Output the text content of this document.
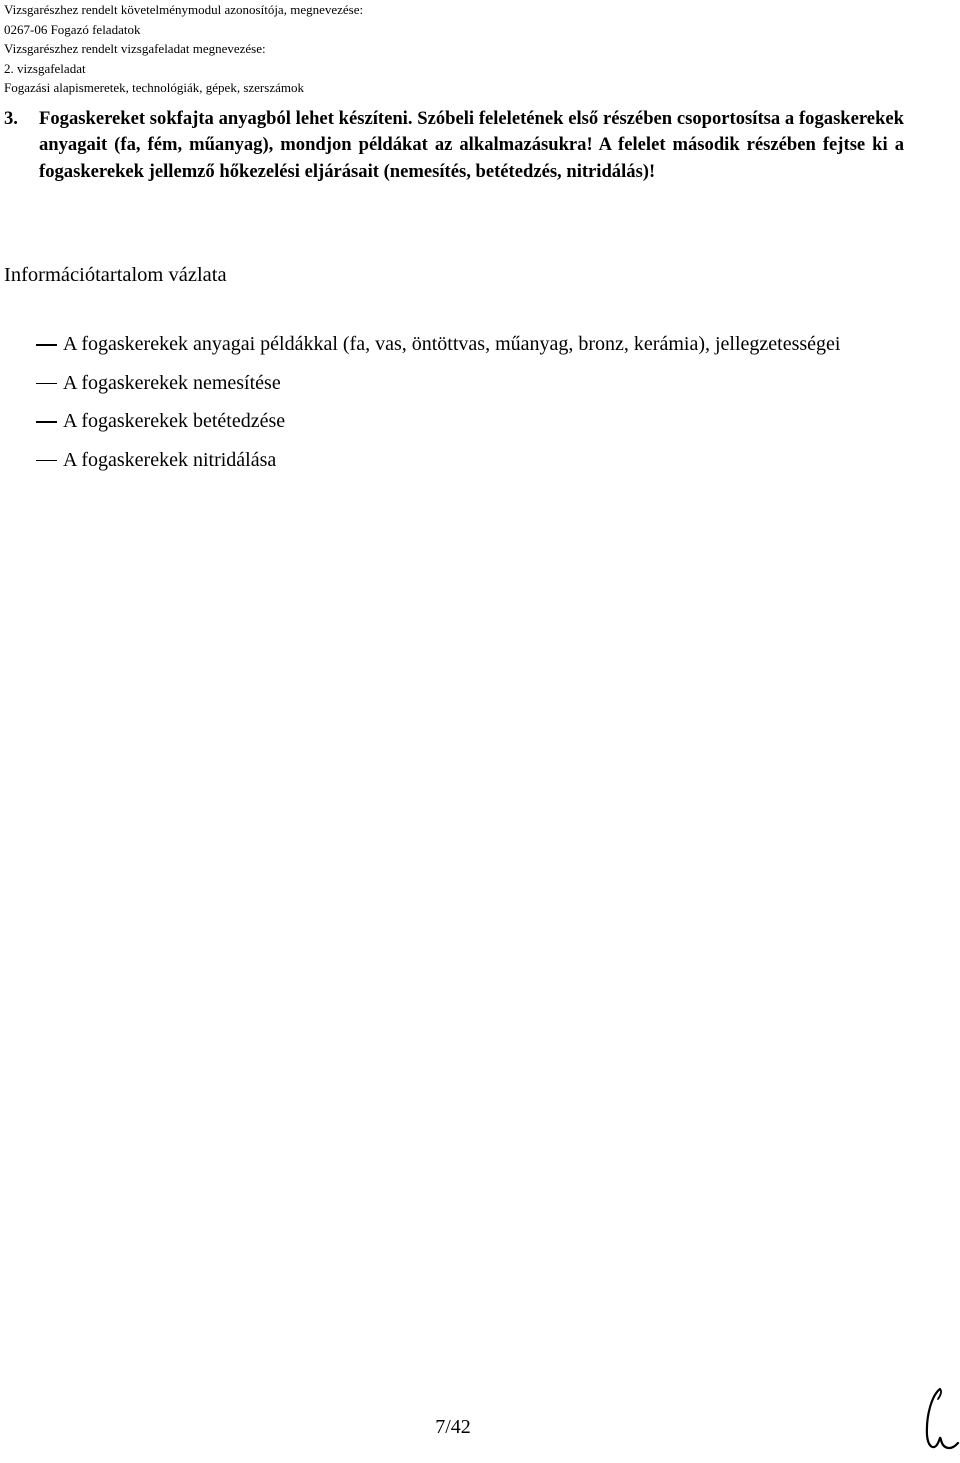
Vizsgarészhez rendelt követelménymodul azonosítója, megnevezése:
0267-06 Fogazó feladatok
Vizsgarészhez rendelt vizsgafeladat megnevezése:
2. vizsgafeladat
Fogazási alapismeretek, technológiák, gépek, szerszámok
3. Fogaskereket sokfajta anyagból lehet készíteni. Szóbeli feleletének első részében csoportosítsa a fogaskerekek anyagait (fa, fém, műanyag), mondjon példákat az alkalmazásukra! A felelet második részében fejtse ki a fogaskerekek jellemző hőkezelési eljárásait (nemesítés, betétedzés, nitridálás)!
Információtartalom vázlata
A fogaskerekek anyagai példákkal (fa, vas, öntöttvas, műanyag, bronz, kerámia), jellegzetességei
A fogaskerekek nemesítése
A fogaskerekek betétedzése
A fogaskerekek nitridálása
7/42
